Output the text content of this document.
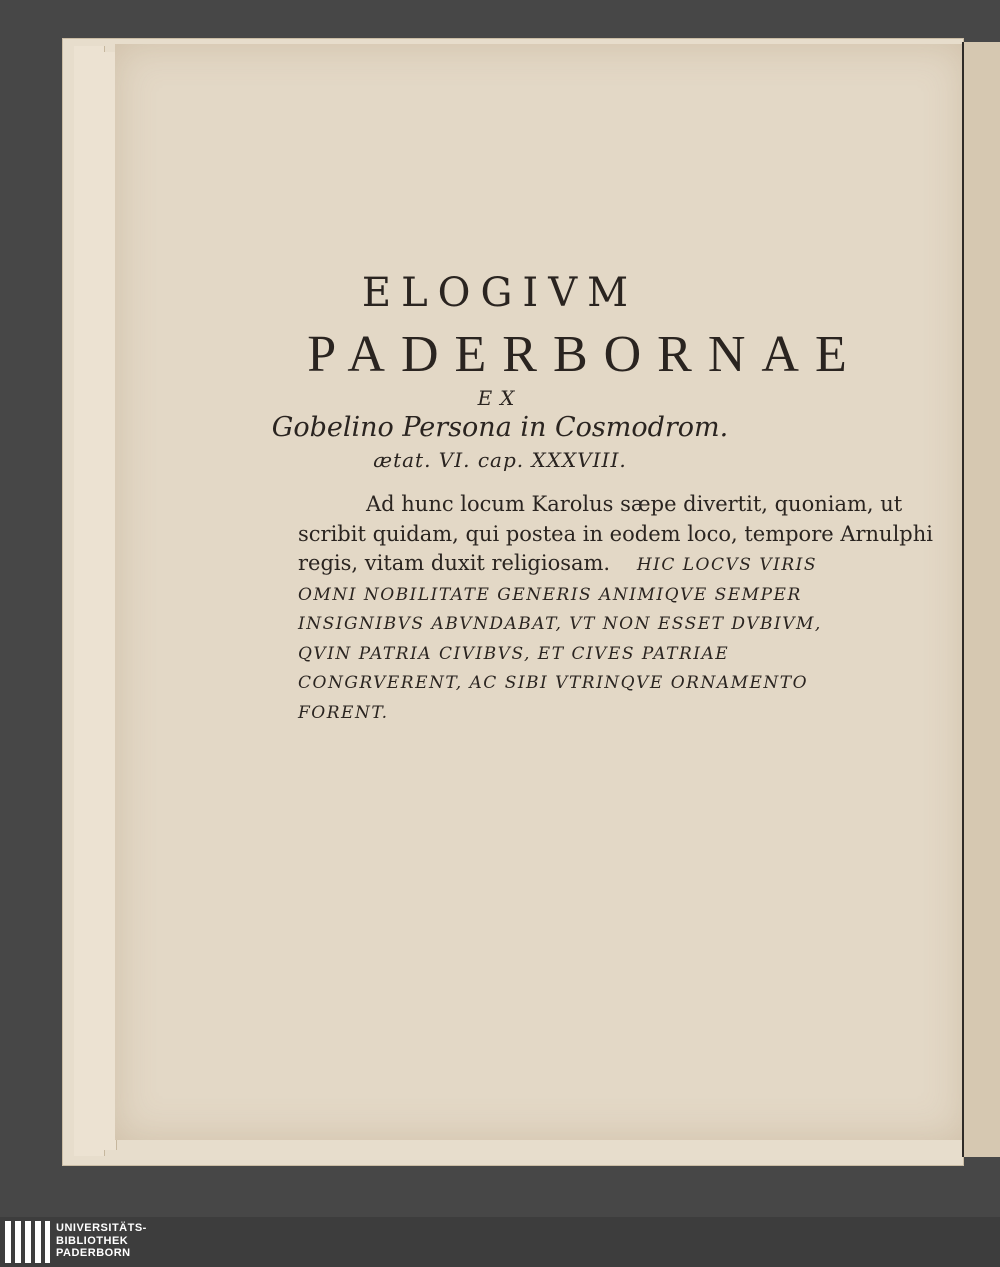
ELOGIVM
PADERBORNAE
EX
Gobelino Persona in Cosmodrom.
ætat. VI. cap. XXXVIII.
Ad hunc locum Karolus sæpe divertit, quoniam, ut
scribit quidam, qui postea in eodem loco, tempore Arnulphi
regis, vitam duxit religiosam. HIC LOCVS VIRIS
OMNI NOBILITATE GENERIS ANIMIQVE SEMPER
INSIGNIBVS ABVNDABAT, VT NON ESSET DVBIVM,
QVIN PATRIA CIVIBVS, ET CIVES PATRIAE
CONGRVERENT, AC SIBI VTRINQVE ORNAMENTO
FORENT.
UNIVERSITÄTS-
BIBLIOTHEK
PADERBORN
